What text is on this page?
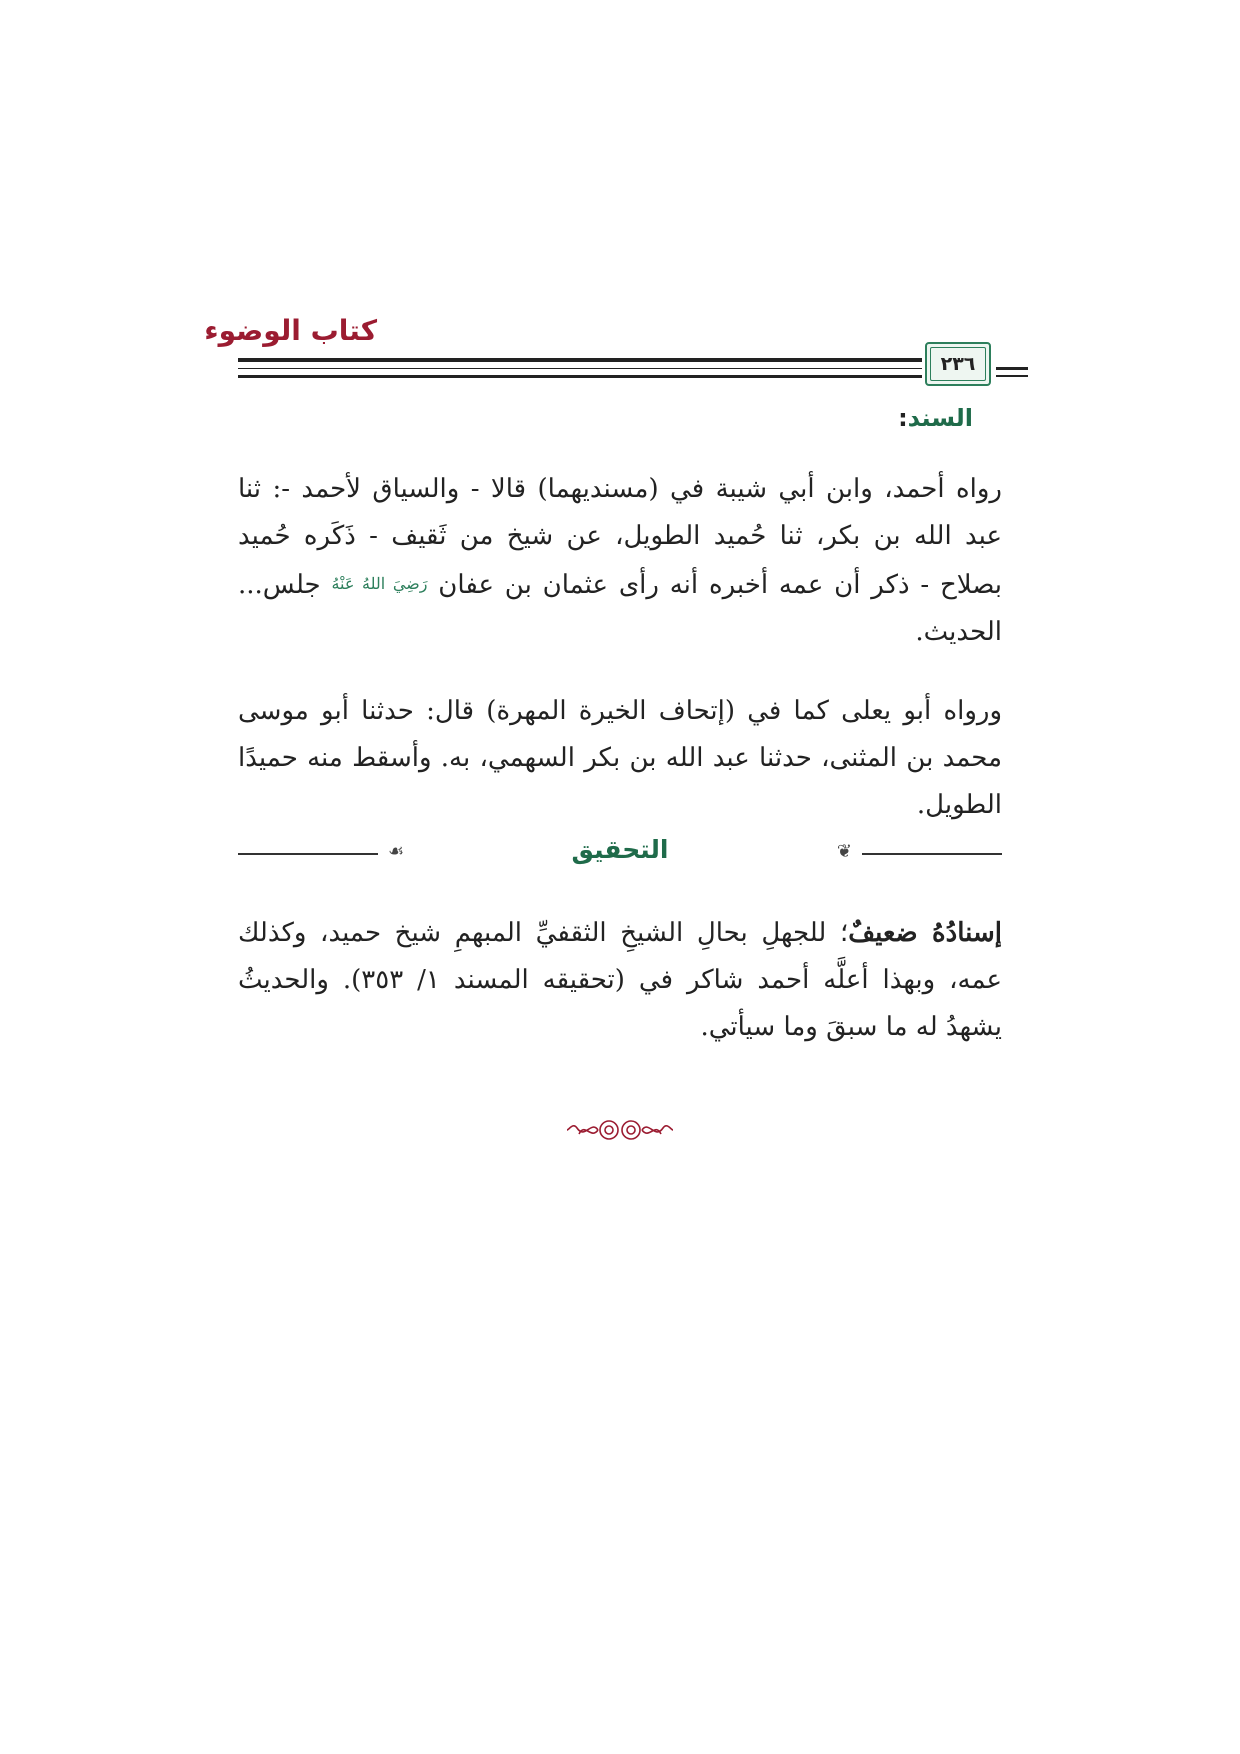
كتاب الوضوء
٢٣٦
السند:
رواه أحمد، وابن أبي شيبة في (مسنديهما) قالا - والسياق لأحمد -: ثنا عبد الله بن بكر، ثنا حُميد الطويل، عن شيخ من ثَقيف - ذَكَره حُميد بصلاح - ذكر أن عمه أخبره أنه رأى عثمان بن عفان رَضِيَ اللهُ عَنْهُ جلس... الحديث.
ورواه أبو يعلى كما في (إتحاف الخيرة المهرة) قال: حدثنا أبو موسى محمد بن المثنى، حدثنا عبد الله بن بكر السهمي، به. وأسقط منه حميدًا الطويل.
❦
التحقيق
☙
إسنادُهُ ضعيفٌ؛ للجهلِ بحالِ الشيخِ الثقفيِّ المبهمِ شيخ حميد، وكذلك عمه، وبهذا أعلَّه أحمد شاكر في (تحقيقه المسند ١/ ٣٥٣). والحديثُ يشهدُ له ما سبقَ وما سيأتي.
